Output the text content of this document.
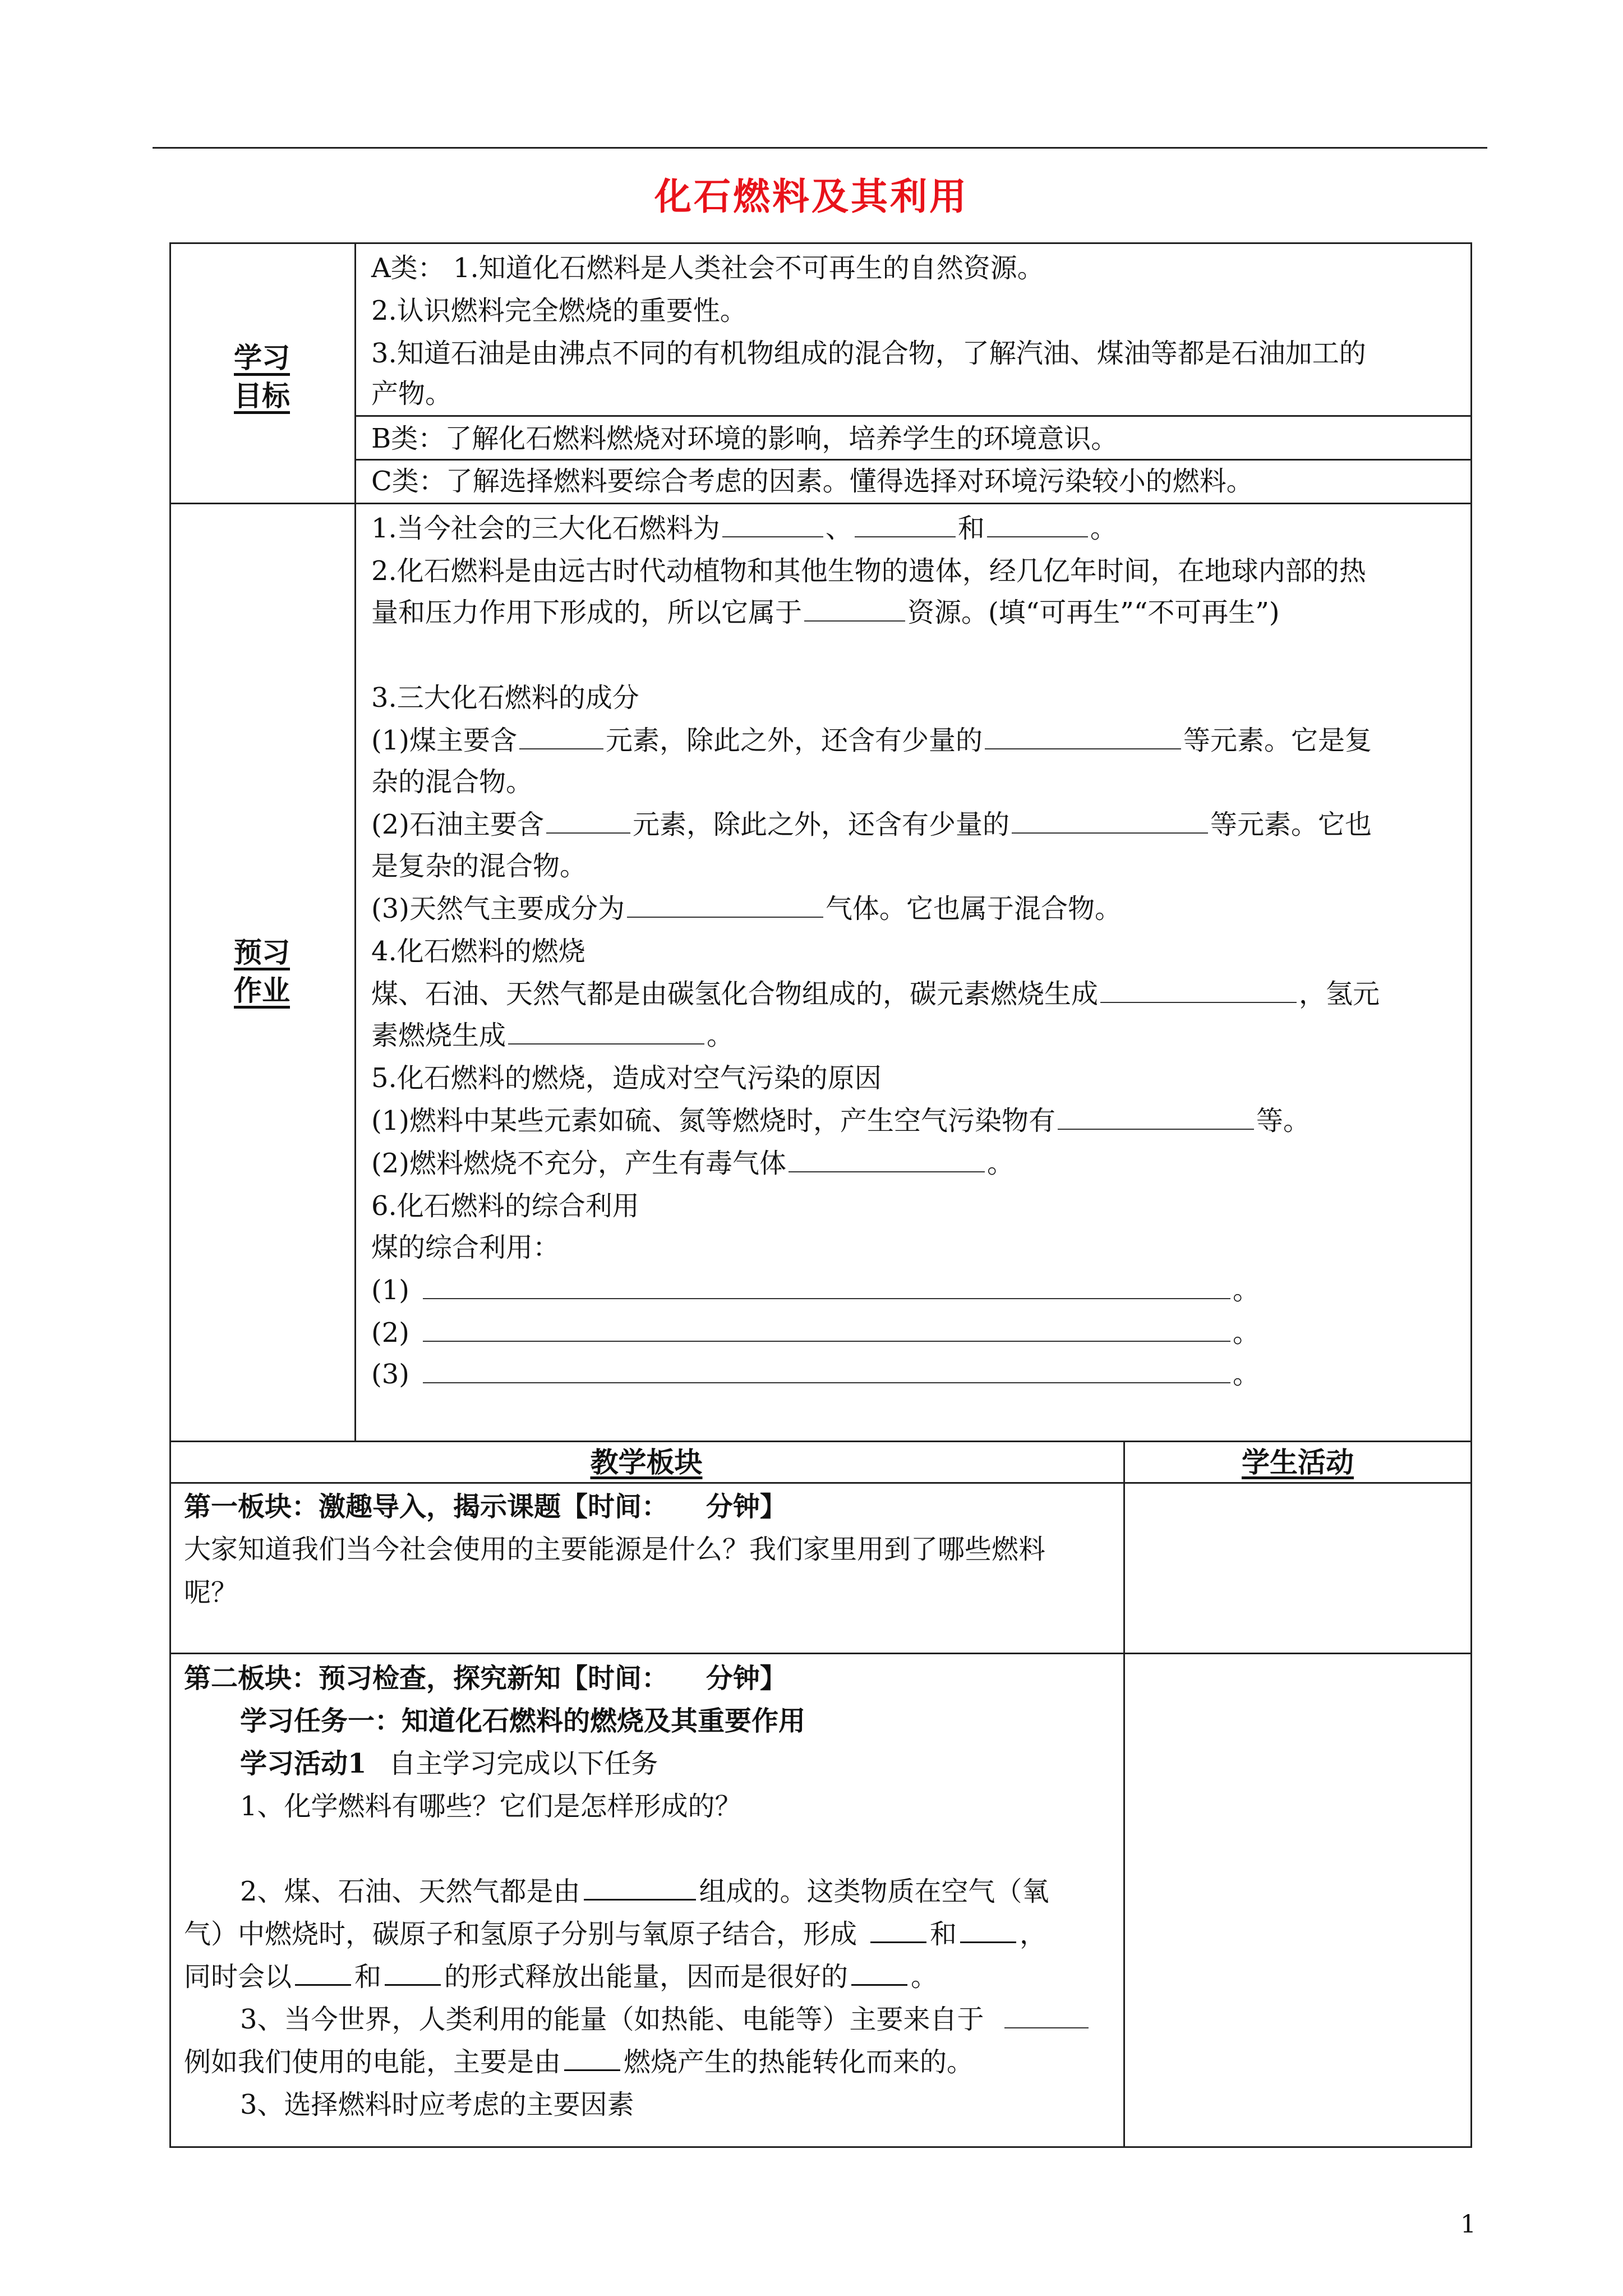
化石燃料及其利用
学习
目标
A类： 1.知道化石燃料是人类社会不可再生的自然资源。
2.认识燃料完全燃烧的重要性。
3.知道石油是由沸点不同的有机物组成的混合物，了解汽油、煤油等都是石油加工的
产物。
B类：了解化石燃料燃烧对环境的影响，培养学生的环境意识。
C类：了解选择燃料要综合考虑的因素。懂得选择对环境污染较小的燃料。
预习
作业
1.当今社会的三大化石燃料为	、	和	。
2.化石燃料是由远古时代动植物和其他生物的遗体，经几亿年时间，在地球内部的热
量和压力作用下形成的，所以它属于	资源。(填“可再生”“不可再生”)
3.三大化石燃料的成分
(1)煤主要含	元素，除此之外，还含有少量的	等元素。它是复
杂的混合物。
(2)石油主要含	元素，除此之外，还含有少量的	等元素。它也
是复杂的混合物。
(3)天然气主要成分为	气体。它也属于混合物。
4.化石燃料的燃烧
煤、石油、天然气都是由碳氢化合物组成的，碳元素燃烧生成	，氢元
素燃烧生成	。
5.化石燃料的燃烧，造成对空气污染的原因
(1)燃料中某些元素如硫、氮等燃烧时，产生空气污染物有	等。
(2)燃料燃烧不充分，产生有毒气体	。
6.化石燃料的综合利用
煤的综合利用：
(1)	。
(2)	。
(3)	。
教学板块	学生活动
第一板块：激趣导入，揭示课题【时间：    分钟】
大家知道我们当今社会使用的主要能源是什么？我们家里用到了哪些燃料呢？
第二板块：预习检查，探究新知【时间：    分钟】
学习任务一：知道化石燃料的燃烧及其重要作用
学习活动1 自主学习完成以下任务
1、化学燃料有哪些？它们是怎样形成的？
2、煤、石油、天然气都是由	组成的。这类物质在空气（氧
气）中燃烧时，碳原子和氢原子分别与氧原子结合，形成	和 ，
同时会以 和 的形式释放出能量，因而是很好的 。
3、当今世界，人类利用的能量（如热能、电能等）主要来自于
例如我们使用的电能，主要是由 燃烧产生的热能转化而来的。
3、选择燃料时应考虑的主要因素
1
